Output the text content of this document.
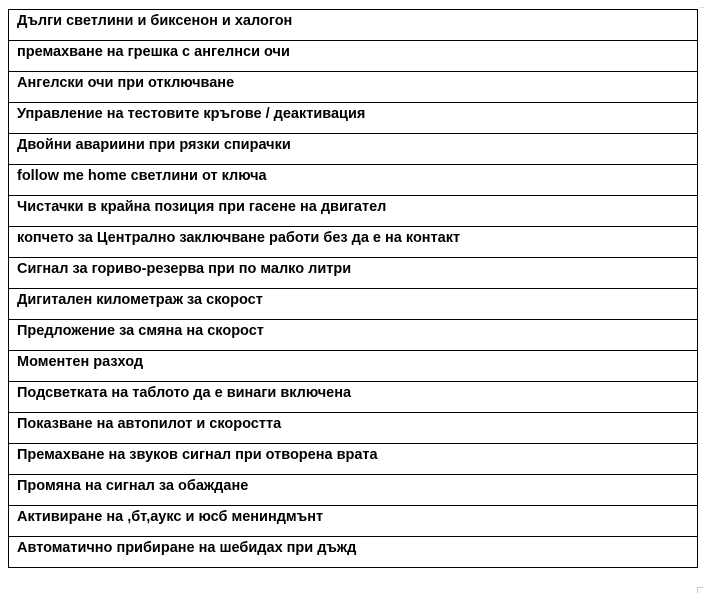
Дълги светлини и биксенон и халогон

премахване на грешка с ангелнси очи

Ангелски очи при отключване

Управление на тестовите кръгове / деактивация

Двойни авариини при рязки спирачки

follow me home светлини от ключа

Чистачки в крайна позиция при гасене на двигател

копчето за Централно заключване работи без да е на контакт

Сигнал за гориво-резерва при по малко литри

Дигитален километраж за скорост

Предложение за смяна на скорост

Моментен разход

Подсветката на таблото да е винаги включена

Показване на автопилот и скоростта

Премахване на звуков сигнал при отворена врата

Промяна на сигнал за обаждане

Активиране на ,бт,аукс и юсб мениндмънт

Автоматично прибиране на шебидах при дъжд
